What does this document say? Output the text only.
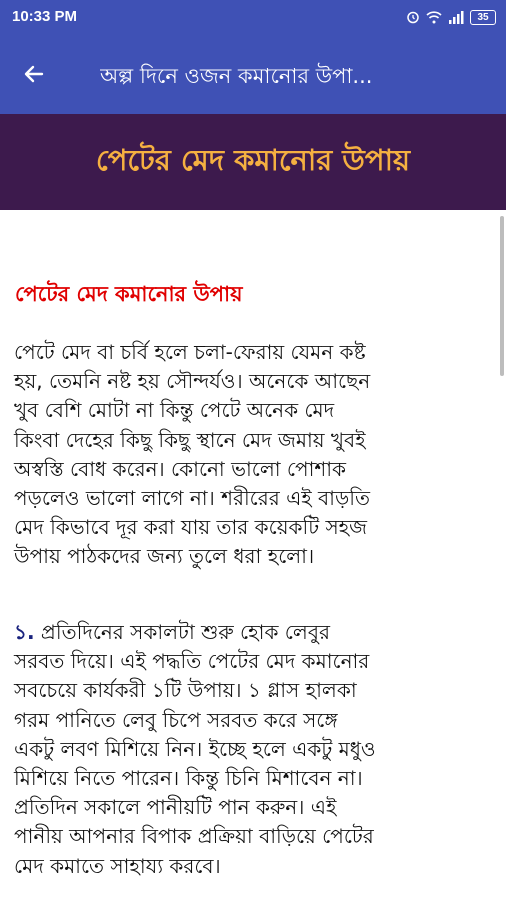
10:33 PM	35
অল্প দিনে ওজন কমানোর উপা...
পেটের মেদ কমানোর উপায়
পেটের মেদ কমানোর উপায়

পেটে মেদ বা চর্বি হলে চলা-ফেরায় যেমন কষ্ট
হয়, তেমনি নষ্ট হয় সৌন্দর্যও। অনেকে আছেন
খুব বেশি মোটা না কিন্তু পেটে অনেক মেদ
কিংবা দেহের কিছু কিছু স্থানে মেদ জমায় খুবই
অস্বস্তি বোধ করেন। কোনো ভালো পোশাক
পড়লেও ভালো লাগে না। শরীরের এই বাড়তি
মেদ কিভাবে দূর করা যায় তার কয়েকটি সহজ
উপায় পাঠকদের জন্য তুলে ধরা হলো।

১. প্রতিদিনের সকালটা শুরু হোক লেবুর
সরবত দিয়ে। এই পদ্ধতি পেটের মেদ কমানোর
সবচেয়ে কার্যকরী ১টি উপায়। ১ গ্লাস হালকা
গরম পানিতে লেবু চিপে সরবত করে সঙ্গে
একটু লবণ মিশিয়ে নিন। ইচ্ছে হলে একটু মধুও
মিশিয়ে নিতে পারেন। কিন্তু চিনি মিশাবেন না।
প্রতিদিন সকালে পানীয়টি পান করুন। এই
পানীয় আপনার বিপাক প্রক্রিয়া বাড়িয়ে পেটের
মেদ কমাতে সাহায্য করবে।
